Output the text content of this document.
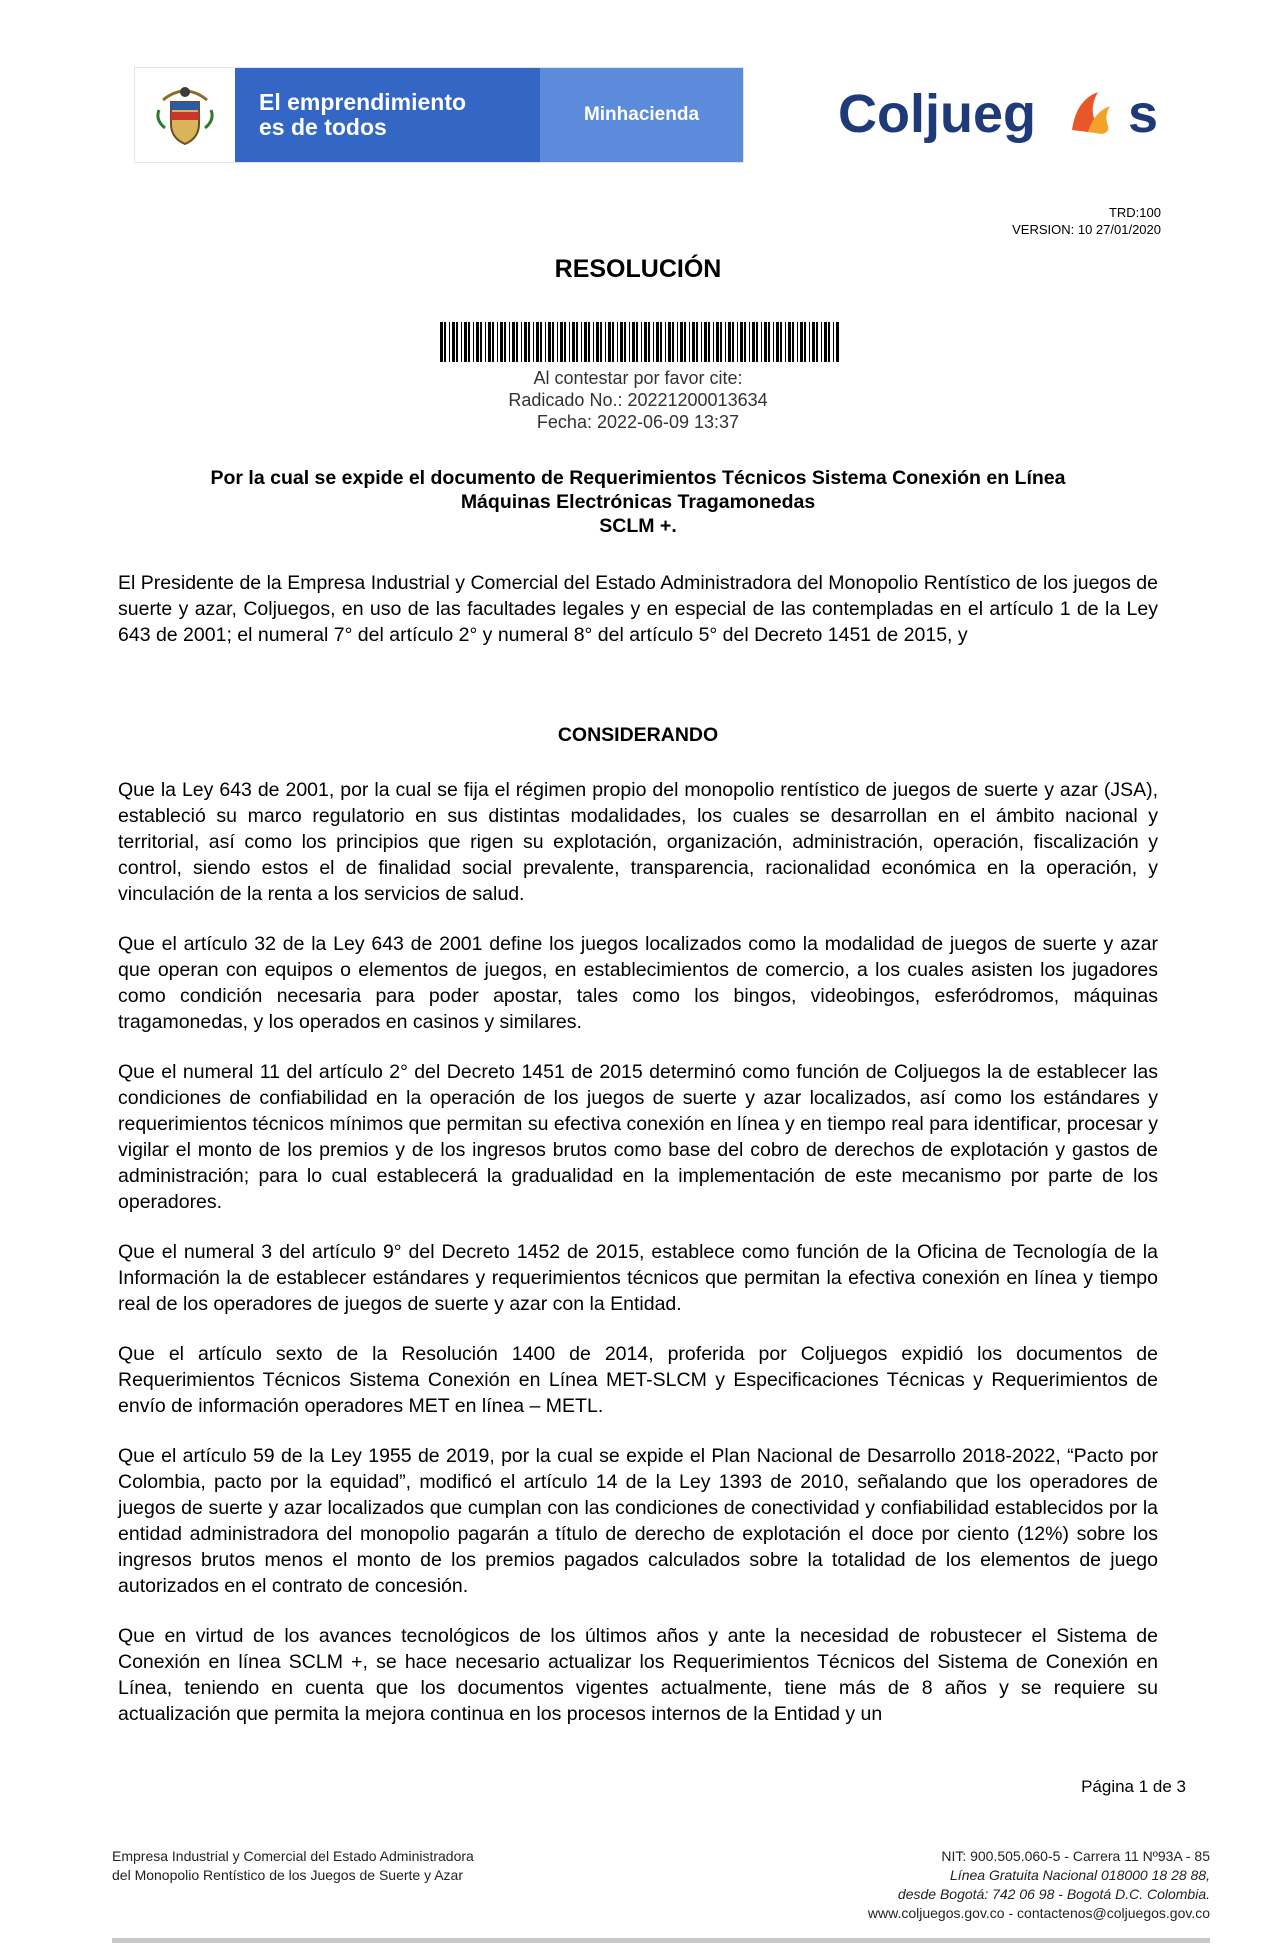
El emprendimiento
es de todos	Minhacienda	Coljueg s
TRD:100
VERSION: 10 27/01/2020
RESOLUCIÓN
Al contestar por favor cite:
Radicado No.: 20221200013634
Fecha: 2022-06-09 13:37
Por la cual se expide el documento de Requerimientos Técnicos Sistema Conexión en Línea
Máquinas Electrónicas Tragamonedas
SCLM +.

El Presidente de la Empresa Industrial y Comercial del Estado Administradora del Monopolio Rentístico de los juegos de suerte y azar, Coljuegos, en uso de las facultades legales y en especial de las contempladas en el artículo 1 de la Ley 643 de 2001; el numeral 7° del artículo 2° y numeral 8° del artículo 5° del Decreto 1451 de 2015, y

CONSIDERANDO

Que la Ley 643 de 2001, por la cual se fija el régimen propio del monopolio rentístico de juegos de suerte y azar (JSA), estableció su marco regulatorio en sus distintas modalidades, los cuales se desarrollan en el ámbito nacional y territorial, así como los principios que rigen su explotación, organización, administración, operación, fiscalización y control, siendo estos el de finalidad social prevalente, transparencia, racionalidad económica en la operación, y vinculación de la renta a los servicios de salud.

Que el artículo 32 de la Ley 643 de 2001 define los juegos localizados como la modalidad de juegos de suerte y azar que operan con equipos o elementos de juegos, en establecimientos de comercio, a los cuales asisten los jugadores como condición necesaria para poder apostar, tales como los bingos, videobingos, esferódromos, máquinas tragamonedas, y los operados en casinos y similares.

Que el numeral 11 del artículo 2° del Decreto 1451 de 2015 determinó como función de Coljuegos la de establecer las condiciones de confiabilidad en la operación de los juegos de suerte y azar localizados, así como los estándares y requerimientos técnicos mínimos que permitan su efectiva conexión en línea y en tiempo real para identificar, procesar y vigilar el monto de los premios y de los ingresos brutos como base del cobro de derechos de explotación y gastos de administración; para lo cual establecerá la gradualidad en la implementación de este mecanismo por parte de los operadores.

Que el numeral 3 del artículo 9° del Decreto 1452 de 2015, establece como función de la Oficina de Tecnología de la Información la de establecer estándares y requerimientos técnicos que permitan la efectiva conexión en línea y tiempo real de los operadores de juegos de suerte y azar con la Entidad.

Que el artículo sexto de la Resolución 1400 de 2014, proferida por Coljuegos expidió los documentos de Requerimientos Técnicos Sistema Conexión en Línea MET-SLCM y Especificaciones Técnicas y Requerimientos de envío de información operadores MET en línea – METL.

Que el artículo 59 de la Ley 1955 de 2019, por la cual se expide el Plan Nacional de Desarrollo 2018-2022, “Pacto por Colombia, pacto por la equidad”, modificó el artículo 14 de la Ley 1393 de 2010, señalando que los operadores de juegos de suerte y azar localizados que cumplan con las condiciones de conectividad y confiabilidad establecidos por la entidad administradora del monopolio pagarán a título de derecho de explotación el doce por ciento (12%) sobre los ingresos brutos menos el monto de los premios pagados calculados sobre la totalidad de los elementos de juego autorizados en el contrato de concesión.

Que en virtud de los avances tecnológicos de los últimos años y ante la necesidad de robustecer el Sistema de Conexión en línea SCLM +, se hace necesario actualizar los Requerimientos Técnicos del Sistema de Conexión en Línea, teniendo en cuenta que los documentos vigentes actualmente, tiene más de 8 años y se requiere su actualización que permita la mejora continua en los procesos internos de la Entidad y un

Página 1 de 3
Empresa Industrial y Comercial del Estado Administradora
del Monopolio Rentístico de los Juegos de Suerte y Azar
NIT: 900.505.060-5 - Carrera 11 Nº93A - 85
Línea Gratuita Nacional 018000 18 28 88,
desde Bogotá: 742 06 98 - Bogotá D.C. Colombia.
www.coljuegos.gov.co - contactenos@coljuegos.gov.co
